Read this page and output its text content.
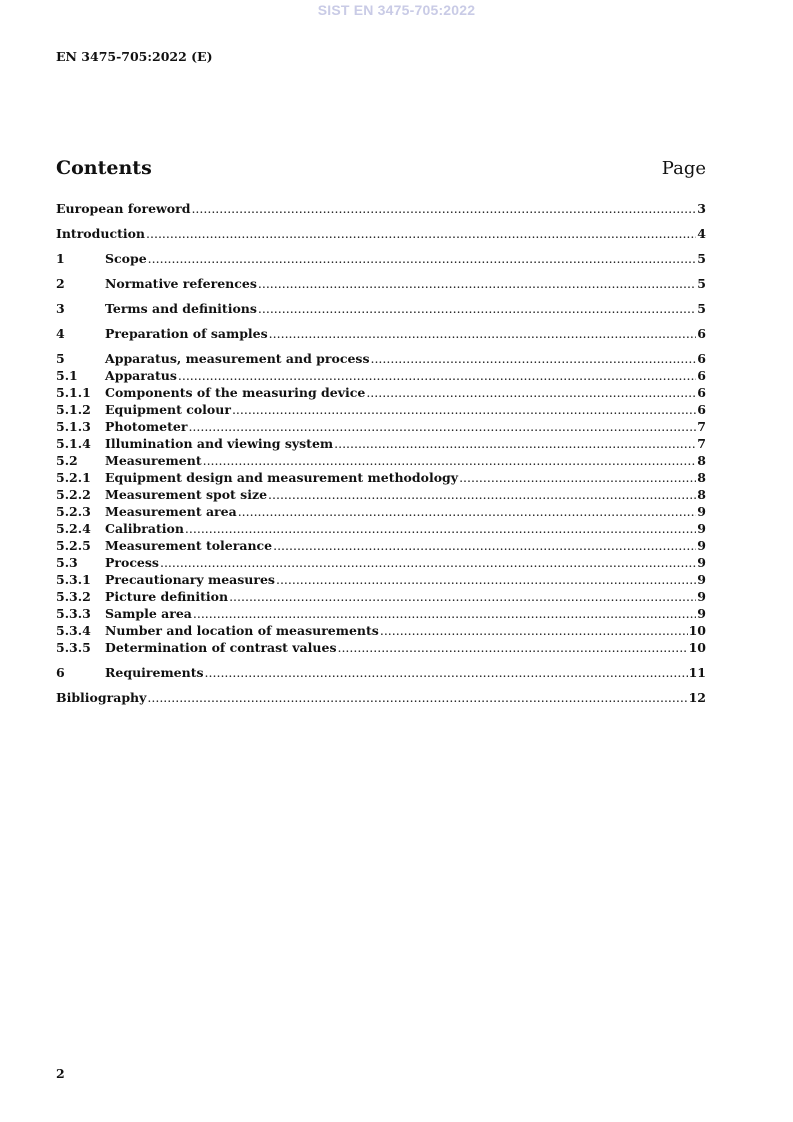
SIST EN 3475-705:2022
EN 3475-705:2022 (E)
Contents	Page
European foreword .....	3
Introduction .....	4
1	Scope .....	5
2	Normative references .....	5
3	Terms and definitions .....	5
4	Preparation of samples .....	6
5	Apparatus, measurement and process .....	6
5.1	Apparatus .....	6
5.1.1	Components of the measuring device .....	6
5.1.2	Equipment colour .....	6
5.1.3	Photometer .....	7
5.1.4	Illumination and viewing system .....	7
5.2	Measurement .....	8
5.2.1	Equipment design and measurement methodology .....	8
5.2.2	Measurement spot size .....	8
5.2.3	Measurement area .....	9
5.2.4	Calibration .....	9
5.2.5	Measurement tolerance .....	9
5.3	Process .....	9
5.3.1	Precautionary measures .....	9
5.3.2	Picture definition .....	9
5.3.3	Sample area .....	9
5.3.4	Number and location of measurements .....	10
5.3.5	Determination of contrast values .....	10
6	Requirements .....	11
Bibliography .....	12
2
